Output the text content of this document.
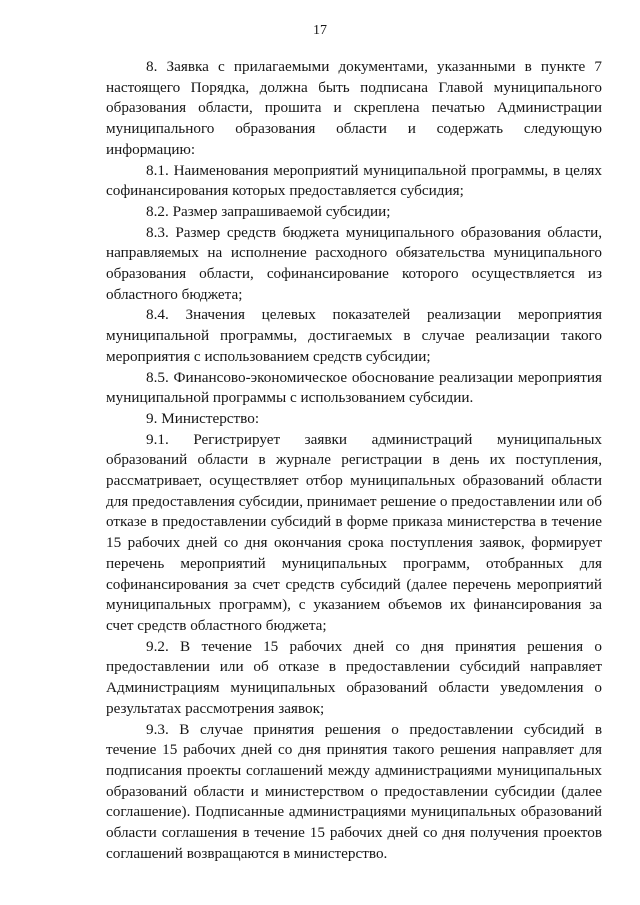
17

8. Заявка с прилагаемыми документами, указанными в пункте 7 настоящего Порядка, должна быть подписана Главой муниципального образования области, прошита и скреплена печатью Администрации муниципального образования области и содержать следующую информацию:

8.1. Наименования мероприятий муниципальной программы, в целях софинансирования которых предоставляется субсидия;

8.2. Размер запрашиваемой субсидии;

8.3. Размер средств бюджета муниципального образования области, направляемых на исполнение расходного обязательства муниципального образования области, софинансирование которого осуществляется из областного бюджета;

8.4. Значения целевых показателей реализации мероприятия муниципальной программы, достигаемых в случае реализации такого мероприятия с использованием средств субсидии;

8.5. Финансово-экономическое обоснование реализации мероприятия муниципальной программы с использованием субсидии.

9. Министерство:

9.1. Регистрирует заявки администраций муниципальных образований области в журнале регистрации в день их поступления, рассматривает, осуществляет отбор муниципальных образований области для предоставления субсидии, принимает решение о предоставлении или об отказе в предоставлении субсидий в форме приказа министерства в течение 15 рабочих дней со дня окончания срока поступления заявок, формирует перечень мероприятий муниципальных программ, отобранных для софинансирования за счет средств субсидий (далее перечень мероприятий муниципальных программ), с указанием объемов их финансирования за счет средств областного бюджета;

9.2. В течение 15 рабочих дней со дня принятия решения о предоставлении или об отказе в предоставлении субсидий направляет Администрациям муниципальных образований области уведомления о результатах рассмотрения заявок;

9.3. В случае принятия решения о предоставлении субсидий в течение 15 рабочих дней со дня принятия такого решения направляет для подписания проекты соглашений между администрациями муниципальных образований области и министерством о предоставлении субсидии (далее соглашение). Подписанные администрациями муниципальных образований области соглашения в течение 15 рабочих дней со дня получения проектов соглашений возвращаются в министерство.
